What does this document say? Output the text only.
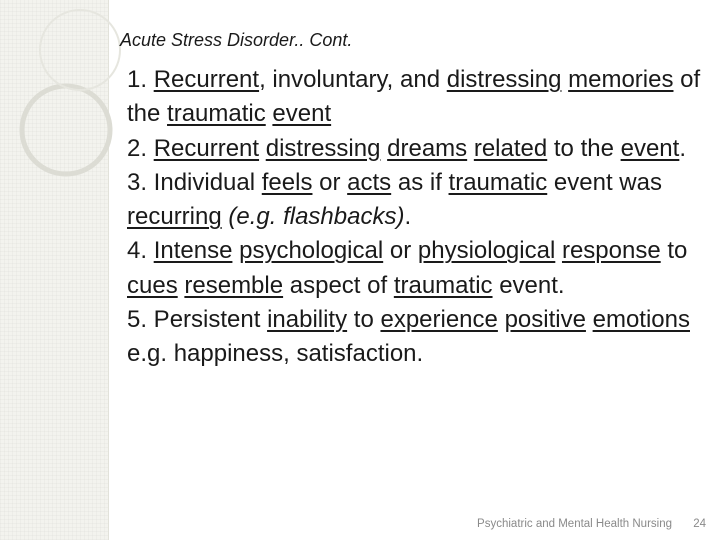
Acute Stress Disorder.. Cont.

1. Recurrent, involuntary, and distressing memories of the traumatic event

2. Recurrent distressing dreams related to the event.

3. Individual feels or acts as if traumatic event was recurring (e.g. flashbacks).

4. Intense psychological or physiological response to cues resemble aspect of traumatic event.

5. Persistent inability to experience positive emotions e.g. happiness, satisfaction.

Psychiatric and Mental Health Nursing 24
